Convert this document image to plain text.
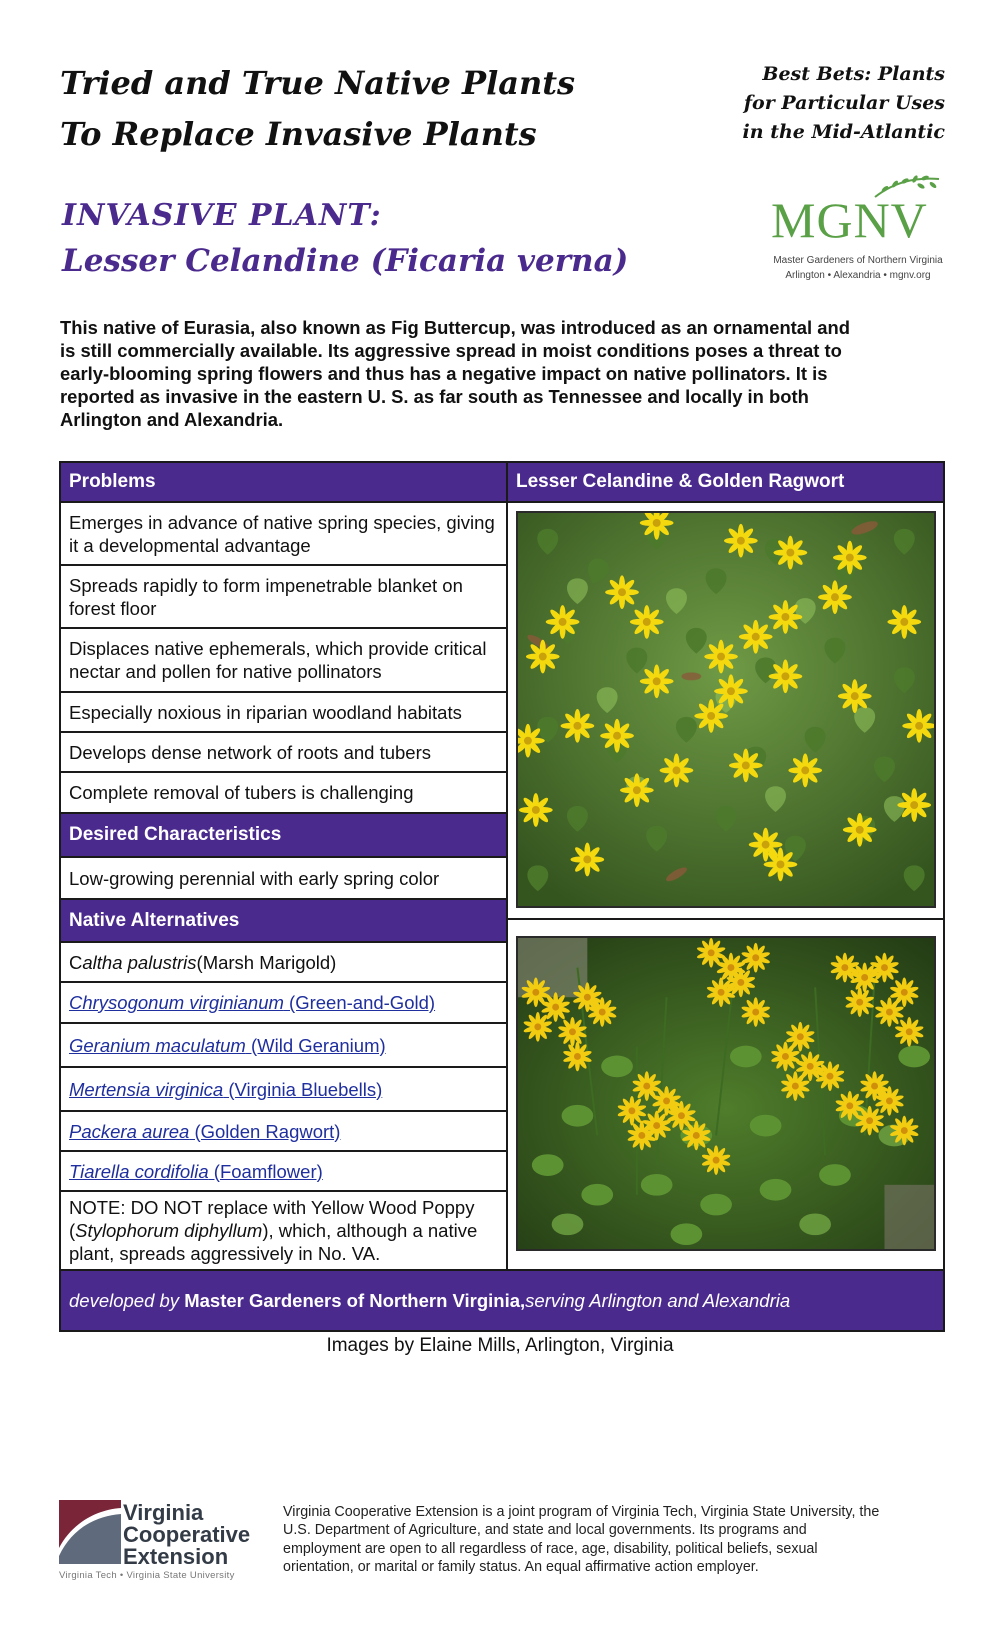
Tried and True Native Plants
To Replace Invasive Plants
Best Bets: Plants
for Particular Uses
in the Mid-Atlantic
INVASIVE PLANT:
Lesser Celandine (Ficaria verna)
MGNV
Master Gardeners of Northern Virginia
Arlington • Alexandria • mgnv.org

This native of Eurasia, also known as Fig Buttercup, was introduced as an ornamental and is still commercially available. Its aggressive spread in moist conditions poses a threat to early-blooming spring flowers and thus has a negative impact on native pollinators. It is reported as invasive in the eastern U. S. as far south as Tennessee and locally in both Arlington and Alexandria.

Problems
Emerges in advance of native spring species, giving it a developmental advantage
Spreads rapidly to form impenetrable blanket on forest floor
Displaces native ephemerals, which provide critical nectar and pollen for native pollinators
Especially noxious in riparian woodland habitats
Develops dense network of roots and tubers
Complete removal of tubers is challenging
Desired Characteristics
Low-growing perennial with early spring color
Native Alternatives
C altha palustris (Marsh Marigold)
Chrysogonum virginianum (Green-and-Gold)
Geranium maculatum (Wild Geranium)
Mertensia virginica (Virginia Bluebells)
Packera aurea (Golden Ragwort)
Tiarella cordifolia (Foamflower)

NOTE: DO NOT replace with Yellow Wood Poppy (Stylophorum diphyllum), which, although a native plant, spreads aggressively in No. VA.

Lesser Celandine & Golden Ragwort
developed by
Master Gardeners of Northern Virginia, serving Arlington and Alexandria
Images by Elaine Mills, Arlington, Virginia
Virginia
Cooperative
Extension
Virginia Tech • Virginia State University

Virginia Cooperative Extension is a joint program of Virginia Tech, Virginia State University, the U.S. Department of Agriculture, and state and local governments. Its programs and employment are open to all regardless of race, age, disability, political beliefs, sexual orientation, or marital or family status. An equal affirmative action employer.
